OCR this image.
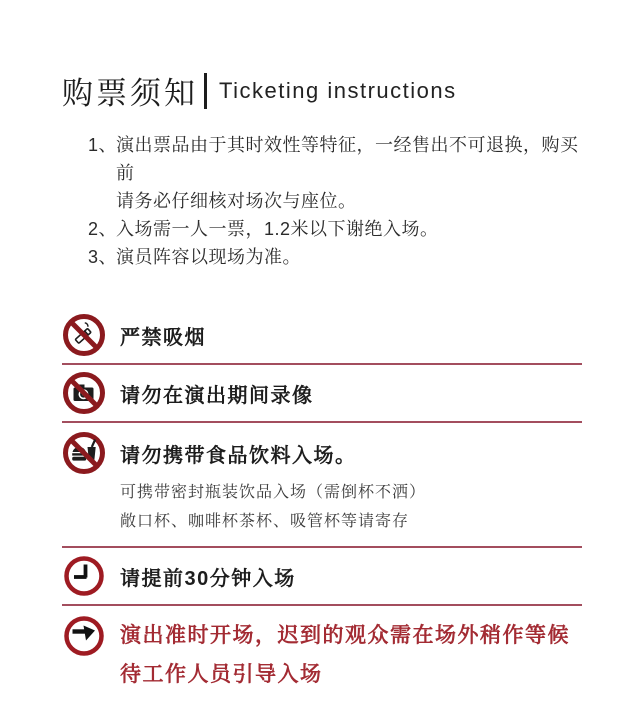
购票须知 Ticketing instructions
1、
演出票品由于其时效性等特征，一经售出不可退换，购买前
请务必仔细核对场次与座位。
2、
入场需一人一票，1.2米以下谢绝入场。
3、
演员阵容以现场为准。
严禁吸烟
请勿在演出期间录像
请勿携带食品饮料入场。
可携带密封瓶装饮品入场（需倒杯不洒）
敞口杯、咖啡杯茶杯、吸管杯等请寄存
请提前30分钟入场
演出准时开场，迟到的观众需在场外稍作等候
待工作人员引导入场
